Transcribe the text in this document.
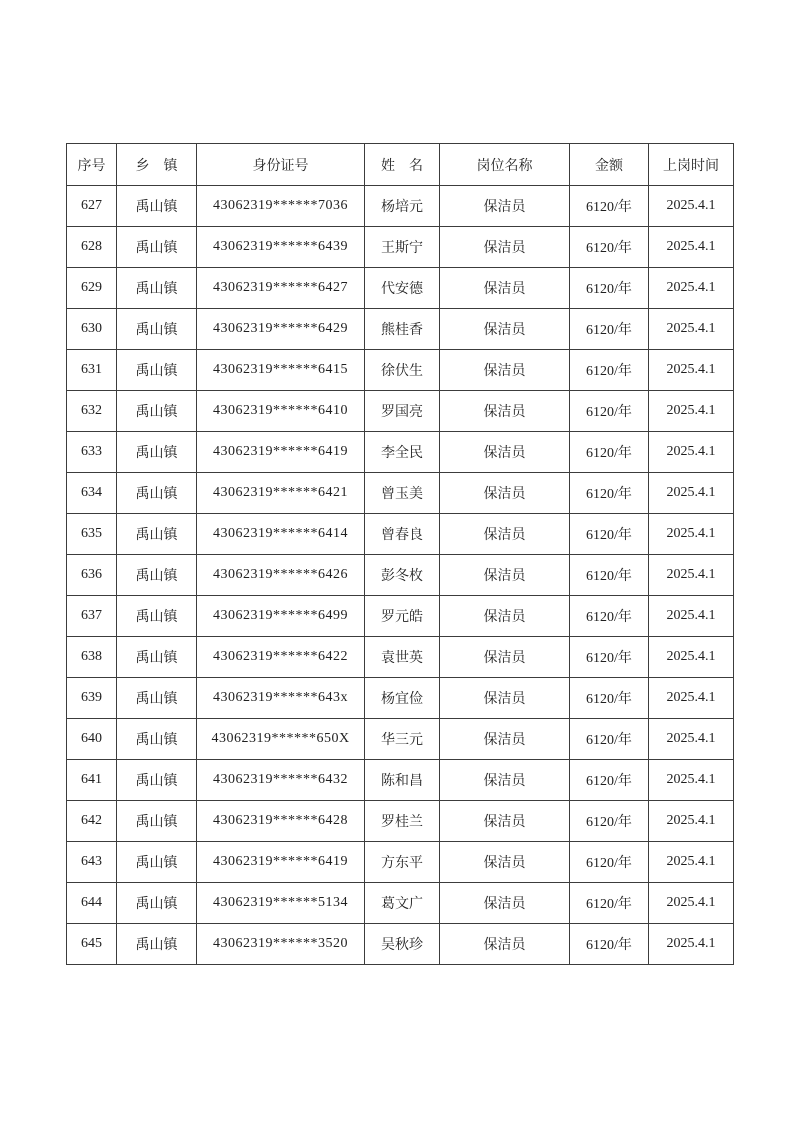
序号	乡　镇	身份证号	姓　名	岗位名称	金额	上岗时间
627	禹山镇	43062319******7036	杨培元	保洁员	6120/年	2025.4.1
628	禹山镇	43062319******6439	王斯宁	保洁员	6120/年	2025.4.1
629	禹山镇	43062319******6427	代安德	保洁员	6120/年	2025.4.1
630	禹山镇	43062319******6429	熊桂香	保洁员	6120/年	2025.4.1
631	禹山镇	43062319******6415	徐伏生	保洁员	6120/年	2025.4.1
632	禹山镇	43062319******6410	罗国亮	保洁员	6120/年	2025.4.1
633	禹山镇	43062319******6419	李全民	保洁员	6120/年	2025.4.1
634	禹山镇	43062319******6421	曾玉美	保洁员	6120/年	2025.4.1
635	禹山镇	43062319******6414	曾春良	保洁员	6120/年	2025.4.1
636	禹山镇	43062319******6426	彭冬枚	保洁员	6120/年	2025.4.1
637	禹山镇	43062319******6499	罗元皓	保洁员	6120/年	2025.4.1
638	禹山镇	43062319******6422	袁世英	保洁员	6120/年	2025.4.1
639	禹山镇	43062319******643x	杨宜俭	保洁员	6120/年	2025.4.1
640	禹山镇	43062319******650X	华三元	保洁员	6120/年	2025.4.1
641	禹山镇	43062319******6432	陈和昌	保洁员	6120/年	2025.4.1
642	禹山镇	43062319******6428	罗桂兰	保洁员	6120/年	2025.4.1
643	禹山镇	43062319******6419	方东平	保洁员	6120/年	2025.4.1
644	禹山镇	43062319******5134	葛文广	保洁员	6120/年	2025.4.1
645	禹山镇	43062319******3520	吴秋珍	保洁员	6120/年	2025.4.1
